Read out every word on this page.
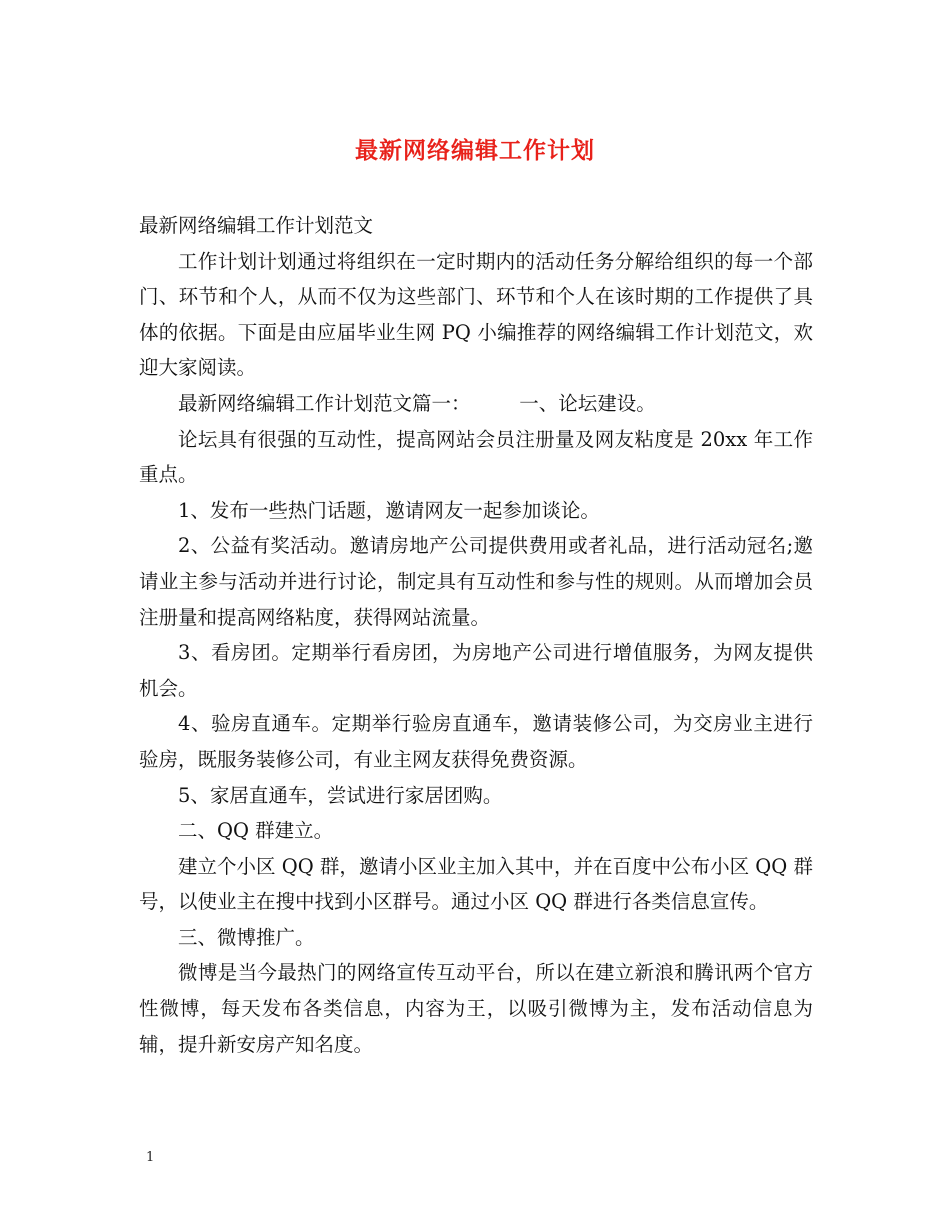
最新网络编辑工作计划

最新网络编辑工作计划范文

工作计划计划通过将组织在一定时期内的活动任务分解给组织的每一个部门、环节和个人，从而不仅为这些部门、环节和个人在该时期的工作提供了具体的依据。下面是由应届毕业生网 PQ 小编推荐的网络编辑工作计划范文，欢迎大家阅读。

最新网络编辑工作计划范文篇一：　　　一、论坛建设。

论坛具有很强的互动性，提高网站会员注册量及网友粘度是 20xx 年工作重点。

1、发布一些热门话题，邀请网友一起参加谈论。

2、公益有奖活动。邀请房地产公司提供费用或者礼品，进行活动冠名;邀请业主参与活动并进行讨论，制定具有互动性和参与性的规则。从而增加会员注册量和提高网络粘度，获得网站流量。

3、看房团。定期举行看房团，为房地产公司进行增值服务，为网友提供机会。

4、验房直通车。定期举行验房直通车，邀请装修公司，为交房业主进行验房，既服务装修公司，有业主网友获得免费资源。

5、家居直通车，尝试进行家居团购。

二、QQ 群建立。

建立个小区 QQ 群，邀请小区业主加入其中，并在百度中公布小区 QQ 群号，以使业主在搜中找到小区群号。通过小区 QQ 群进行各类信息宣传。

三、微博推广。

微博是当今最热门的网络宣传互动平台，所以在建立新浪和腾讯两个官方性微博，每天发布各类信息，内容为王，以吸引微博为主，发布活动信息为辅，提升新安房产知名度。

1
